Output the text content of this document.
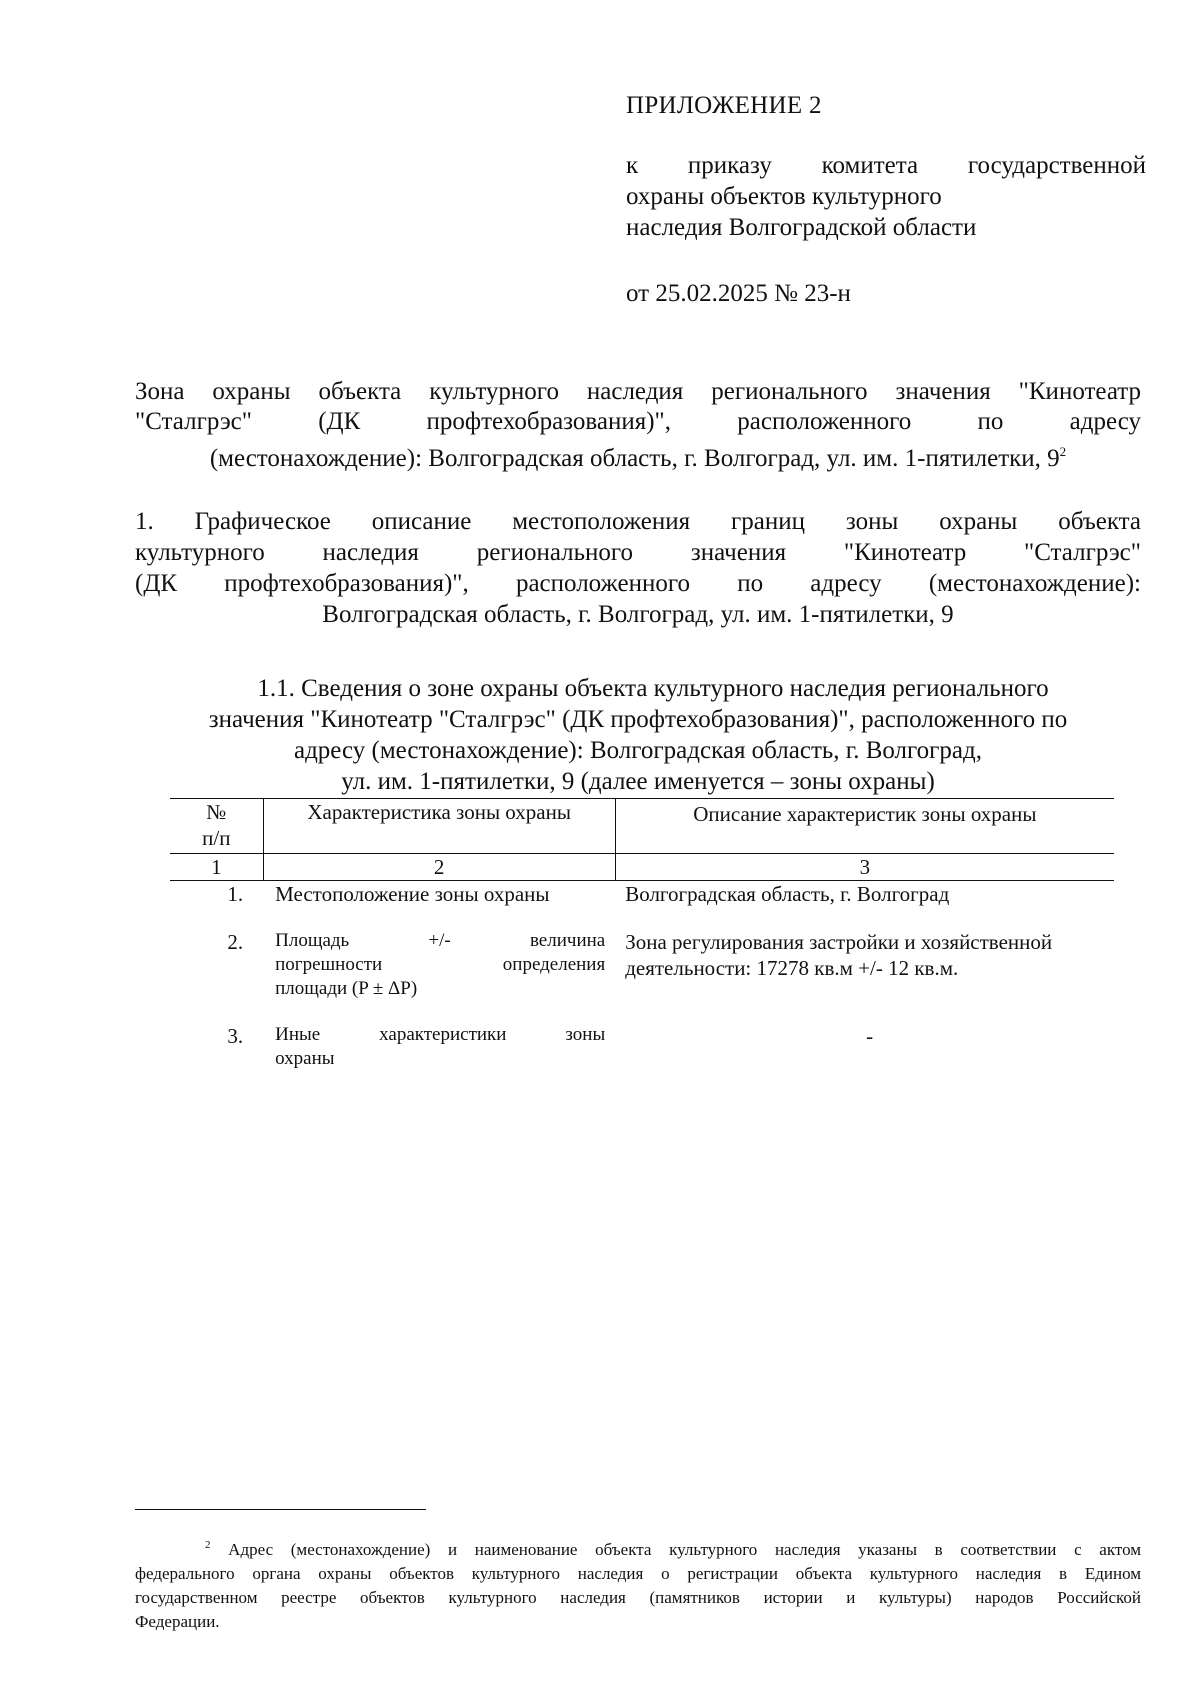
ПРИЛОЖЕНИЕ 2
к приказу комитета государственной
охраны объектов культурного
наследия Волгоградской области
от 25.02.2025 № 23-н
Зона охраны объекта культурного наследия регионального значения "Кинотеатр
"Сталгрэс" (ДК профтехобразования)", расположенного по адресу
(местонахождение): Волгоградская область, г. Волгоград, ул. им. 1-пятилетки, $9^2$
1. Графическое описание местоположения границ зоны охраны объекта
культурного наследия регионального значения "Кинотеатр "Сталгрэс"
(ДК профтехобразования)", расположенного по адресу (местонахождение):
Волгоградская область, г. Волгоград, ул. им. 1-пятилетки, 9
1.1. Сведения о зоне охраны объекта культурного наследия регионального
значения "Кинотеатр "Сталгрэс" (ДК профтехобразования)", расположенного по
адресу (местонахождение): Волгоградская область, г. Волгоград,
ул. им. 1-пятилетки, 9 (далее именуется – зоны охраны)
№
п/п	Характеристика зоны охраны	Описание характеристик зоны охраны
1	2	3
1.	Местоположение зоны охраны	Волгоградская область, г. Волгоград

2.	Площадь +/- величина
погрешности определения
площади (P ± ΔP)	Зона регулирования застройки и хозяйственной деятельности: 17278 кв.м +/- 12 кв.м.

3.	Иные характеристики зоны
охраны	-
$^2$ Адрес (местонахождение) и наименование объекта культурного наследия указаны в соответствии с актом
федерального органа охраны объектов культурного наследия о регистрации объекта культурного наследия в Едином
государственном реестре объектов культурного наследия (памятников истории и культуры) народов Российской
Федерации.
